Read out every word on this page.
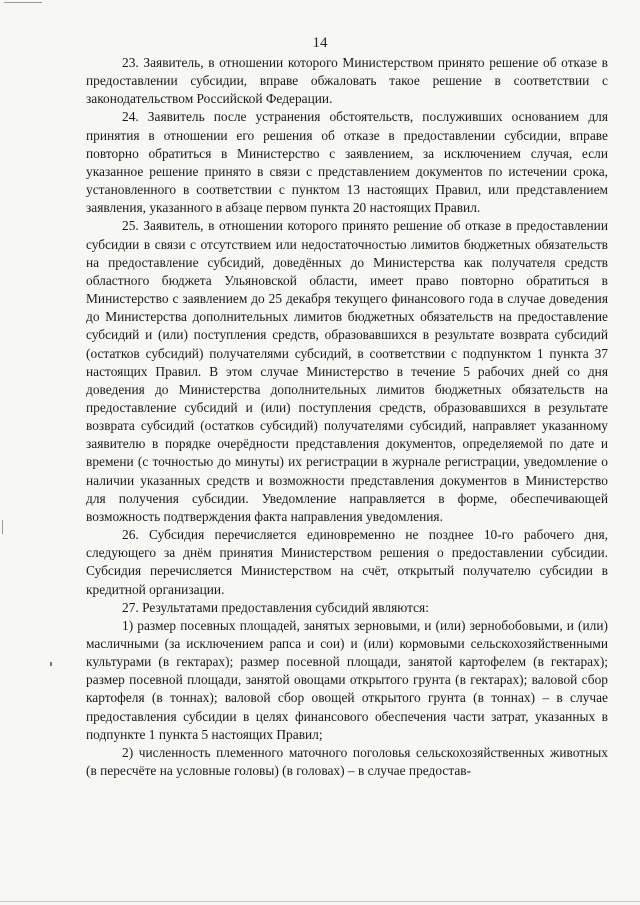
14

23. Заявитель, в отношении которого Министерством принято решение об отказе в предоставлении субсидии, вправе обжаловать такое решение в соответствии с законодательством Российской Федерации.

24. Заявитель после устранения обстоятельств, послуживших основанием для принятия в отношении его решения об отказе в предоставлении субсидии, вправе повторно обратиться в Министерство с заявлением, за исключением случая, если указанное решение принято в связи с представлением документов по истечении срока, установленного в соответствии с пунктом 13 настоящих Правил, или представлением заявления, указанного в абзаце первом пункта 20 настоящих Правил.

25. Заявитель, в отношении которого принято решение об отказе в предоставлении субсидии в связи с отсутствием или недостаточностью лимитов бюджетных обязательств на предоставление субсидий, доведённых до Министерства как получателя средств областного бюджета Ульяновской области, имеет право повторно обратиться в Министерство с заявлением до 25 декабря текущего финансового года в случае доведения до Министерства дополнительных лимитов бюджетных обязательств на предоставление субсидий и (или) поступления средств, образовавшихся в результате возврата субсидий (остатков субсидий) получателями субсидий, в соответствии с подпунктом 1 пункта 37 настоящих Правил. В этом случае Министерство в течение 5 рабочих дней со дня доведения до Министерства дополнительных лимитов бюджетных обязательств на предоставление субсидий и (или) поступления средств, образовавшихся в результате возврата субсидий (остатков субсидий) получателями субсидий, направляет указанному заявителю в порядке очерёдности представления документов, определяемой по дате и времени (с точностью до минуты) их регистрации в журнале регистрации, уведомление о наличии указанных средств и возможности представления документов в Министерство для получения субсидии. Уведомление направляется в форме, обеспечивающей возможность подтверждения факта направления уведомления.

26. Субсидия перечисляется единовременно не позднее 10-го рабочего дня, следующего за днём принятия Министерством решения о предоставлении субсидии. Субсидия перечисляется Министерством на счёт, открытый получателю субсидии в кредитной организации.

27. Результатами предоставления субсидий являются:

1) размер посевных площадей, занятых зерновыми, и (или) зернобобовыми, и (или) масличными (за исключением рапса и сои) и (или) кормовыми сельскохозяйственными культурами (в гектарах); размер посевной площади, занятой картофелем (в гектарах); размер посевной площади, занятой овощами открытого грунта (в гектарах); валовой сбор картофеля (в тоннах); валовой сбор овощей открытого грунта (в тоннах) – в случае предоставления субсидии в целях финансового обеспечения части затрат, указанных в подпункте 1 пункта 5 настоящих Правил;

2) численность племенного маточного поголовья сельскохозяйственных животных (в пересчёте на условные головы) (в головах) – в случае предостав-
